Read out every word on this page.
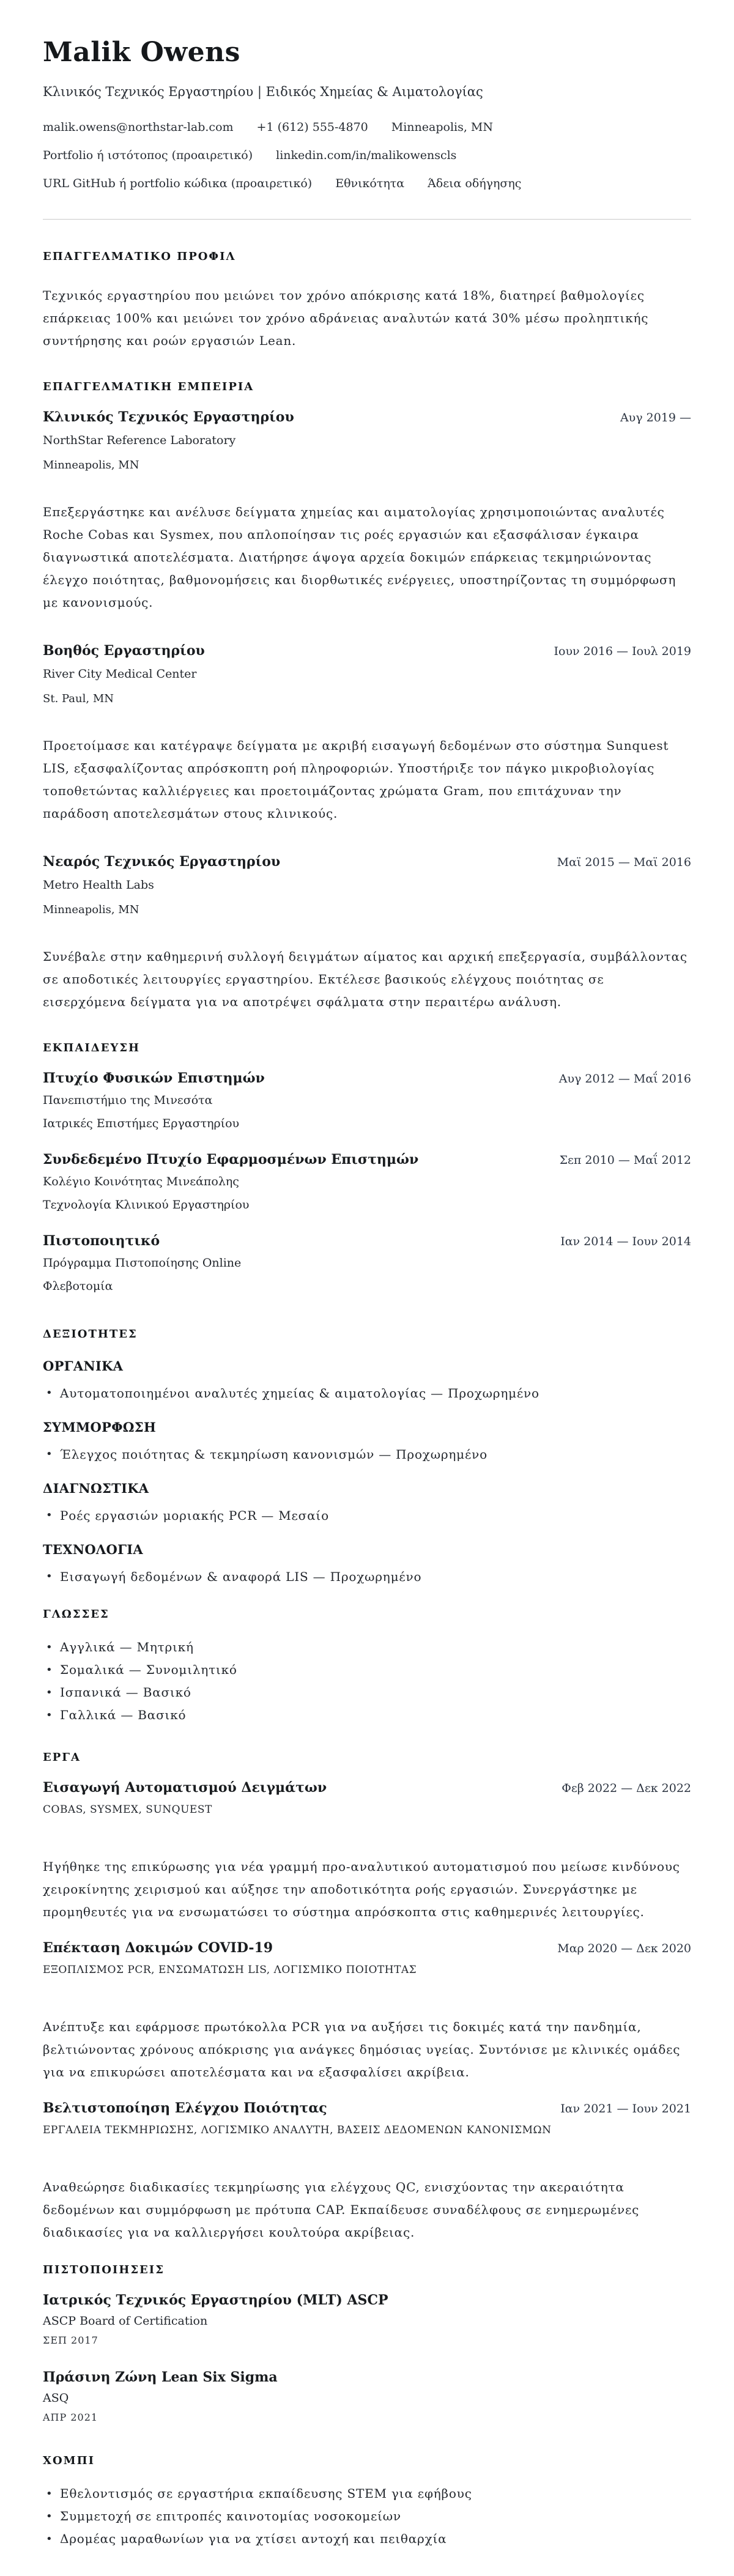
Malik Owens
Κλινικός Τεχνικός Εργαστηρίου | Ειδικός Χημείας & Αιματολογίας
malik.owens@northstar-lab.com +1 (612) 555-4870 Minneapolis, MN
Portfolio ή ιστότοπος (προαιρετικό) linkedin.com/in/malikowenscls
URL GitHub ή portfolio κώδικα (προαιρετικό) Εθνικότητα Άδεια οδήγησης
ΕΠΑΓΓΕΛΜΑΤΙΚΟ ΠΡΟΦΙΛ

Τεχνικός εργαστηρίου που μειώνει τον χρόνο απόκρισης κατά 18%, διατηρεί βαθμολογίες επάρκειας 100% και μειώνει τον χρόνο αδράνειας αναλυτών κατά 30% μέσω προληπτικής συντήρησης και ροών εργασιών Lean.

ΕΠΑΓΓΕΛΜΑΤΙΚΗ ΕΜΠΕΙΡΙΑ
Κλινικός Τεχνικός Εργαστηρίου	Αυγ 2019 —
NorthStar Reference Laboratory
Minneapolis, MN

Επεξεργάστηκε και ανέλυσε δείγματα χημείας και αιματολογίας χρησιμοποιώντας αναλυτές Roche Cobas και Sysmex, που απλοποίησαν τις ροές εργασιών και εξασφάλισαν έγκαιρα διαγνωστικά αποτελέσματα. Διατήρησε άψογα αρχεία δοκιμών επάρκειας τεκμηριώνοντας έλεγχο ποιότητας, βαθμονομήσεις και διορθωτικές ενέργειες, υποστηρίζοντας τη συμμόρφωση με κανονισμούς.

Βοηθός Εργαστηρίου	Ιουν 2016 — Ιουλ 2019
River City Medical Center
St. Paul, MN

Προετοίμασε και κατέγραψε δείγματα με ακριβή εισαγωγή δεδομένων στο σύστημα Sunquest LIS, εξασφαλίζοντας απρόσκοπτη ροή πληροφοριών. Υποστήριξε τον πάγκο μικροβιολογίας τοποθετώντας καλλιέργειες και προετοιμάζοντας χρώματα Gram, που επιτάχυναν την παράδοση αποτελεσμάτων στους κλινικούς.

Νεαρός Τεχνικός Εργαστηρίου	Μαϊ 2015 — Μαϊ 2016
Metro Health Labs
Minneapolis, MN

Συνέβαλε στην καθημερινή συλλογή δειγμάτων αίματος και αρχική επεξεργασία, συμβάλλοντας σε αποδοτικές λειτουργίες εργαστηρίου. Εκτέλεσε βασικούς ελέγχους ποιότητας σε εισερχόμενα δείγματα για να αποτρέψει σφάλματα στην περαιτέρω ανάλυση.

ΕΚΠΑΙΔΕΥΣΗ
Πτυχίο Φυσικών Επιστημών	Αυγ 2012 — Μαΐ 2016
Πανεπιστήμιο της Μινεσότα
Ιατρικές Επιστήμες Εργαστηρίου
Συνδεδεμένο Πτυχίο Εφαρμοσμένων Επιστημών	Σεπ 2010 — Μαΐ 2012
Κολέγιο Κοινότητας Μινεάπολης
Τεχνολογία Κλινικού Εργαστηρίου
Πιστοποιητικό	Ιαν 2014 — Ιουν 2014
Πρόγραμμα Πιστοποίησης Online
Φλεβοτομία
ΔΕΞΙΟΤΗΤΕΣ
ΟΡΓΑΝΙΚΑ
• Αυτοματοποιημένοι αναλυτές χημείας & αιματολογίας — Προχωρημένο
ΣΥΜΜΟΡΦΩΣΗ
• Έλεγχος ποιότητας & τεκμηρίωση κανονισμών — Προχωρημένο
ΔΙΑΓΝΩΣΤΙΚΑ
• Ροές εργασιών μοριακής PCR — Μεσαίο
ΤΕΧΝΟΛΟΓΙΑ
• Εισαγωγή δεδομένων & αναφορά LIS — Προχωρημένο
ΓΛΩΣΣΕΣ
• Αγγλικά — Μητρική
• Σομαλικά — Συνομιλητικό
• Ισπανικά — Βασικό
• Γαλλικά — Βασικό
ΕΡΓΑ
Εισαγωγή Αυτοματισμού Δειγμάτων	Φεβ 2022 — Δεκ 2022
COBAS, SYSMEX, SUNQUEST

Ηγήθηκε της επικύρωσης για νέα γραμμή προ-αναλυτικού αυτοματισμού που μείωσε κινδύνους χειροκίνητης χειρισμού και αύξησε την αποδοτικότητα ροής εργασιών. Συνεργάστηκε με προμηθευτές για να ενσωματώσει το σύστημα απρόσκοπτα στις καθημερινές λειτουργίες.

Επέκταση Δοκιμών COVID-19	Μαρ 2020 — Δεκ 2020
ΕΞΟΠΛΙΣΜΟΣ PCR, ΕΝΣΩΜΑΤΩΣΗ LIS, ΛΟΓΙΣΜΙΚΟ ΠΟΙΟΤΗΤΑΣ

Ανέπτυξε και εφάρμοσε πρωτόκολλα PCR για να αυξήσει τις δοκιμές κατά την πανδημία, βελτιώνοντας χρόνους απόκρισης για ανάγκες δημόσιας υγείας. Συντόνισε με κλινικές ομάδες για να επικυρώσει αποτελέσματα και να εξασφαλίσει ακρίβεια.

Βελτιστοποίηση Ελέγχου Ποιότητας	Ιαν 2021 — Ιουν 2021
ΕΡΓΑΛΕΙΑ ΤΕΚΜΗΡΙΩΣΗΣ, ΛΟΓΙΣΜΙΚΟ ΑΝΑΛΥΤΗ, ΒΑΣΕΙΣ ΔΕΔΟΜΕΝΩΝ ΚΑΝΟΝΙΣΜΩΝ

Αναθεώρησε διαδικασίες τεκμηρίωσης για ελέγχους QC, ενισχύοντας την ακεραιότητα δεδομένων και συμμόρφωση με πρότυπα CAP. Εκπαίδευσε συναδέλφους σε ενημερωμένες διαδικασίες για να καλλιεργήσει κουλτούρα ακρίβειας.

ΠΙΣΤΟΠΟΙΗΣΕΙΣ
Ιατρικός Τεχνικός Εργαστηρίου (MLT) ASCP
ASCP Board of Certification
ΣΕΠ 2017
Πράσινη Ζώνη Lean Six Sigma
ASQ
ΑΠΡ 2021
ΧΟΜΠΙ
• Εθελοντισμός σε εργαστήρια εκπαίδευσης STEM για εφήβους
• Συμμετοχή σε επιτροπές καινοτομίας νοσοκομείων
• Δρομέας μαραθωνίων για να χτίσει αντοχή και πειθαρχία
